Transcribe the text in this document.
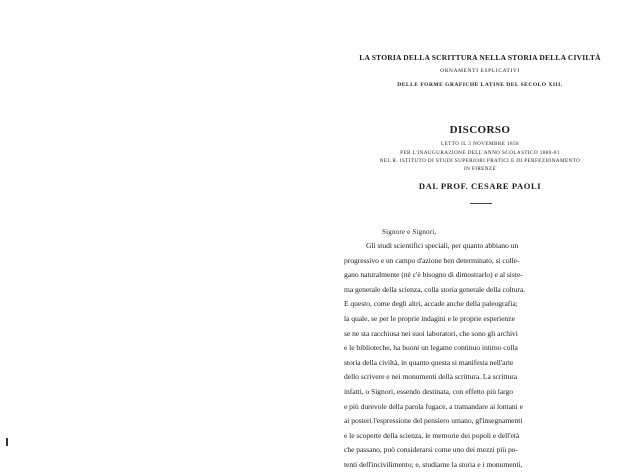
LA STORIA DELLA SCRITTURA NELLA STORIA DELLA CIVILTÀ
ORNAMENTI ESPLICATIVI
DELLE FORME GRAFICHE LATINE DEL SECOLO XIII.
DISCORSO
LETTO IL 3 NOVEMBRE 1858
PER L'INAUGURAZIONE DELL'ANNO SCOLASTICO 1880-81
NEL R. ISTITUTO DI STUDI SUPERIORI PRATICI E DI PERFEZIONAMENTO
IN FIRENZE
DAL PROF. CESARE PAOLI
Signore e Signori,
Gli studi scientifici speciali, per quanto abbiano un
progressivo e un campo d'azione ben determinato, si colle-
gano naturalmente (nè c'è bisogno di dimostrarlo) e al siste-
ma generale della scienza, colla storia generale della coltura.
E questo, come degli altri, accade anche della paleografia;
la quale, se per le proprie indagini e le proprie esperienze
se ne sta racchiusa nei suoi laboratori, che sono gli archivi
e le biblioteche, ha buoni un legame continuo intimo colla
storia della civiltà, in quanto questa si manifesta nell'arte
dello scrivere e nei monumenti della scrittura. La scrittura
infatti, o Signori, essendo destinata, con effetto più largo
e più durevole della parola fugace, a tramandare ai lontani e
ai posteri l'espressione del pensiero umano, gl'insegnamenti
e le scoperte della scienza, le memorie dei popoli e dell'età
che passano, può considerarsi come uno dei mezzi più po-
tenti dell'incivilimento; e, studiarne la storia e i monumenti,
